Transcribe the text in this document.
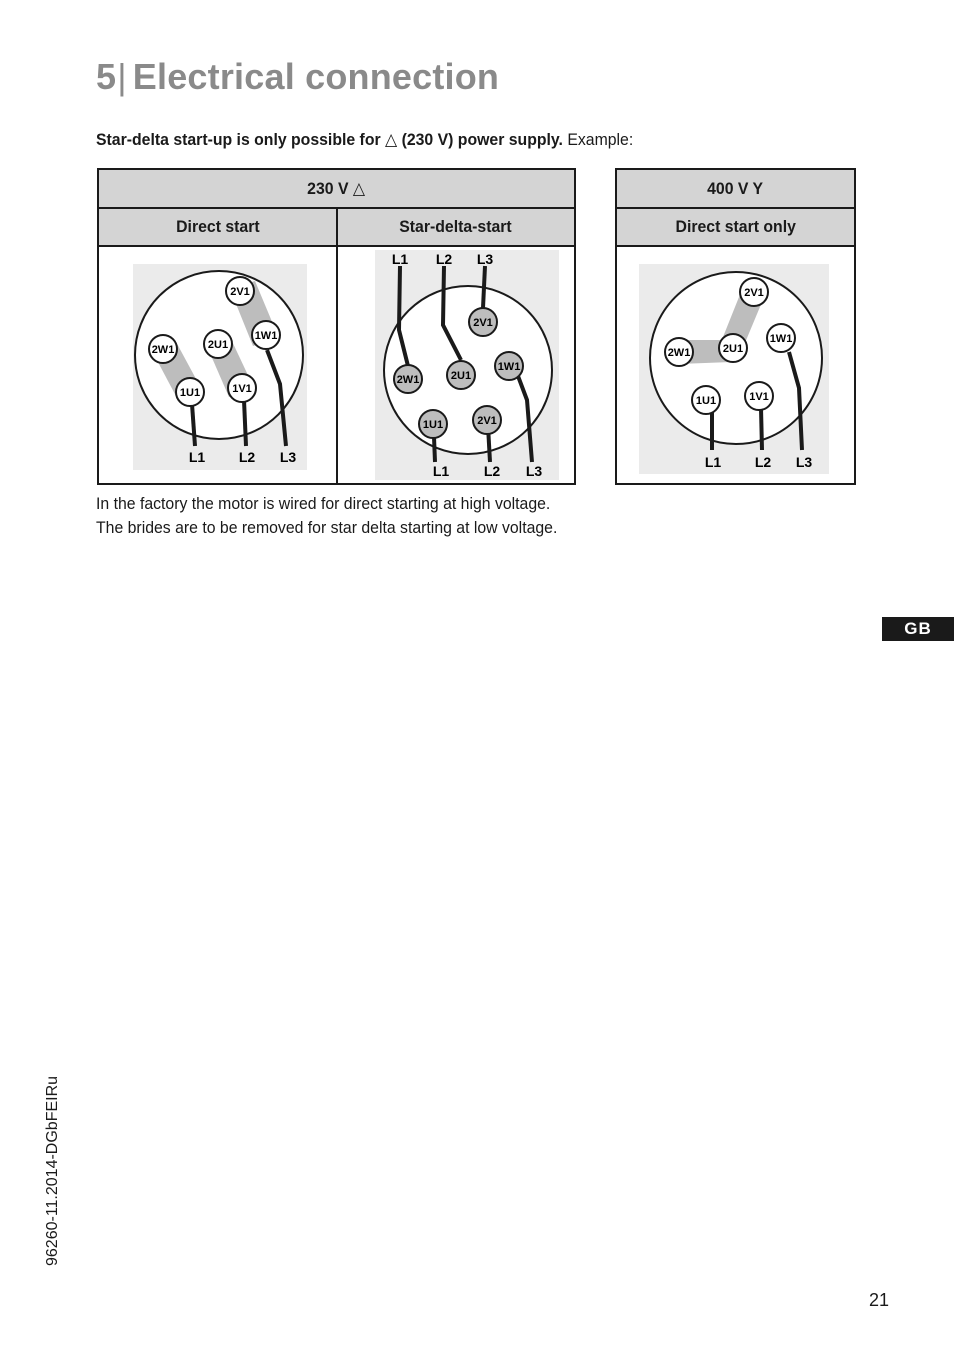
5| Electrical connection
Star-delta start-up is only possible for △ (230 V) power supply. Example:
230 V △
Direct start	Star-delta-start
2V1
1W1
2W1	2U1
1U1	1V1
L1 L2 L3
2V1
2W1	2U1
1W1
1U1	2V1
L1 L2 L3
L1 L2 L3
400 V Y
Direct start only
2V1
2W1	2U1
1W1
1U1	1V1
L1 L2 L3
In the factory the motor is wired for direct starting at high voltage.
The brides are to be removed for star delta starting at low voltage.
GB
96260-11.2014-DGbFEIRu
21
